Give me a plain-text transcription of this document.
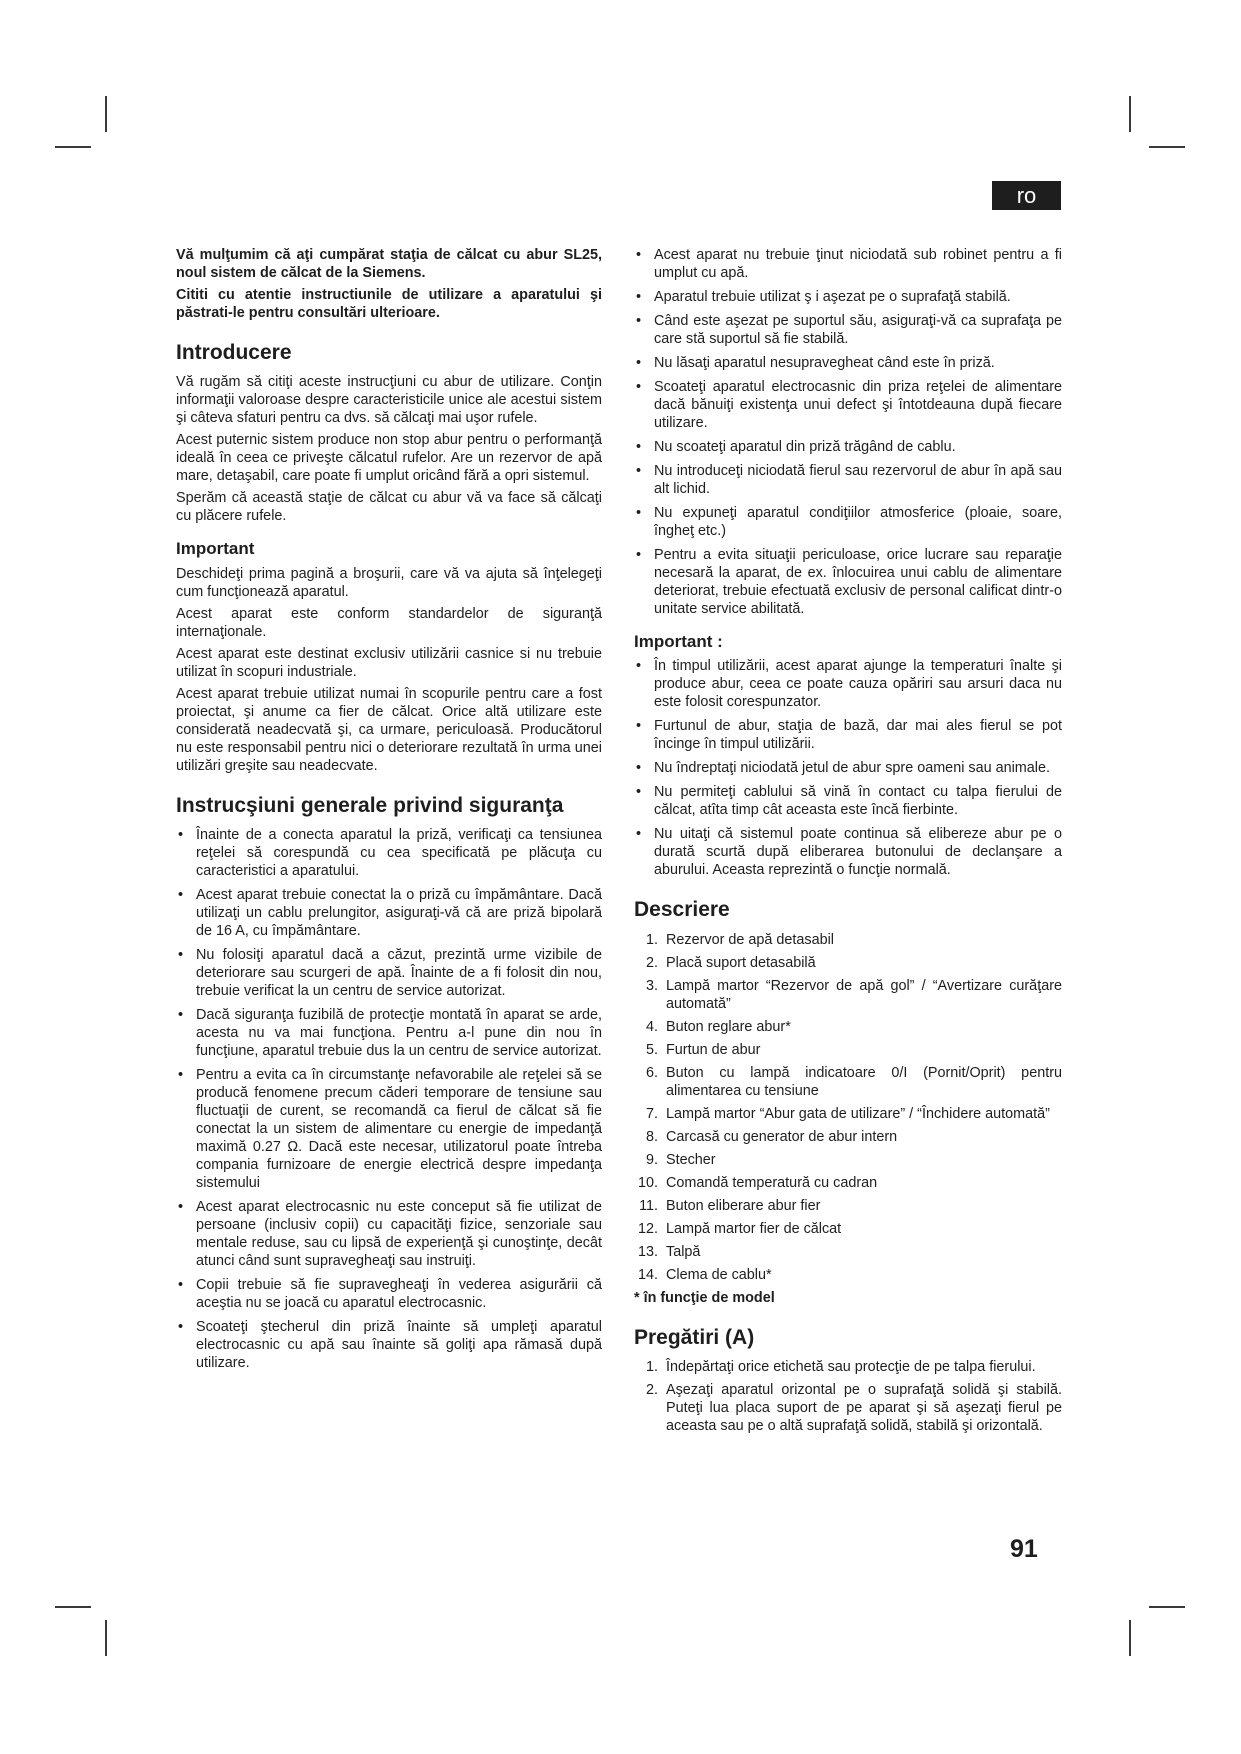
ro

Vă mulţumim că aţi cumpărat staţia de călcat cu abur SL25, noul sistem de călcat de la Siemens.

Cititi cu atentie instructiunile de utilizare a aparatului şi păstrati-le pentru consultări ulterioare.

Introducere

Vă rugăm să citiţi aceste instrucţiuni cu abur de utilizare. Conţin informaţii valoroase despre caracteristicile unice ale acestui sistem şi câteva sfaturi pentru ca dvs. să călcaţi mai uşor rufele.

Acest puternic sistem produce non stop abur pentru o performanţă ideală în ceea ce priveşte călcatul rufelor. Are un rezervor de apă mare, detaşabil, care poate fi umplut oricând fără a opri sistemul.

Sperăm că această staţie de călcat cu abur vă va face să călcaţi cu plăcere rufele.

Important

Deschideţi prima pagină a broşurii, care vă va ajuta să înţelegeţi cum funcţionează aparatul.

Acest aparat este conform standardelor de siguranţă internaţionale.

Acest aparat este destinat exclusiv utilizării casnice si nu trebuie utilizat în scopuri industriale.

Acest aparat trebuie utilizat numai în scopurile pentru care a fost proiectat, şi anume ca fier de călcat. Orice altă utilizare este considerată neadecvată şi, ca urmare, periculoasă. Producătorul nu este responsabil pentru nici o deteriorare rezultată în urma unei utilizări greşite sau neadecvate.

Instrucşiuni generale privind siguranţa
• Înainte de a conecta aparatul la priză, verificaţi ca tensiunea reţelei să corespundă cu cea specificată pe plăcuţa cu caracteristici a aparatului.
• Acest aparat trebuie conectat la o priză cu împământare. Dacă utilizaţi un cablu prelungitor, asiguraţi-vă că are priză bipolară de 16 A, cu împământare.
• Nu folosiţi aparatul dacă a căzut, prezintă urme vizibile de deteriorare sau scurgeri de apă. Înainte de a fi folosit din nou, trebuie verificat la un centru de service autorizat.
• Dacă siguranţa fuzibilă de protecţie montată în aparat se arde, acesta nu va mai funcţiona. Pentru a-l pune din nou în funcţiune, aparatul trebuie dus la un centru de service autorizat.
• Pentru a evita ca în circumstanţe nefavorabile ale reţelei să se producă fenomene precum căderi temporare de tensiune sau fluctuaţii de curent, se recomandă ca fierul de călcat să fie conectat la un sistem de alimentare cu energie de impedanţă maximă 0.27 Ω. Dacă este necesar, utilizatorul poate întreba compania furnizoare de energie electrică despre impedanţa sistemului
• Acest aparat electrocasnic nu este conceput să fie utilizat de persoane (inclusiv copii) cu capacităţi fizice, senzoriale sau mentale reduse, sau cu lipsă de experienţă şi cunoştinţe, decât atunci când sunt supravegheaţi sau instruiţi.
• Copii trebuie să fie supravegheaţi în vederea asigurării că aceştia nu se joacă cu aparatul electrocasnic.
• Scoateţi ştecherul din priză înainte să umpleţi aparatul electrocasnic cu apă sau înainte să goliţi apa rămasă după utilizare.
• Acest aparat nu trebuie ţinut niciodată sub robinet pentru a fi umplut cu apă.
• Aparatul trebuie utilizat ş i aşezat pe o suprafaţă stabilă.
• Când este aşezat pe suportul său, asiguraţi-vă ca suprafaţa pe care stă suportul să fie stabilă.
• Nu lăsaţi aparatul nesupravegheat când este în priză.
• Scoateţi aparatul electrocasnic din priza reţelei de alimentare dacă bănuiţi existenţa unui defect şi întotdeauna după fiecare utilizare.
• Nu scoateţi aparatul din priză trăgând de cablu.
• Nu introduceţi niciodată fierul sau rezervorul de abur în apă sau alt lichid.
• Nu expuneţi aparatul condiţiilor atmosferice (ploaie, soare, îngheţ etc.)
• Pentru a evita situaţii periculoase, orice lucrare sau reparaţie necesară la aparat, de ex. înlocuirea unui cablu de alimentare deteriorat, trebuie efectuată exclusiv de personal calificat dintr-o unitate service abilitată.
Important :
• În timpul utilizării, acest aparat ajunge la temperaturi înalte şi produce abur, ceea ce poate cauza opăriri sau arsuri daca nu este folosit corespunzator.
• Furtunul de abur, staţia de bază, dar mai ales fierul se pot încinge în timpul utilizării.
• Nu îndreptaţi niciodată jetul de abur spre oameni sau animale.
• Nu permiteţi cablului să vină în contact cu talpa fierului de călcat, atîta timp cât aceasta este încă fierbinte.
• Nu uitaţi că sistemul poate continua să elibereze abur pe o durată scurtă după eliberarea butonului de declanşare a aburului. Aceasta reprezintă o funcţie normală.
Descriere
1. Rezervor de apă detasabil
2. Placă suport detasabilă
3. Lampă martor “Rezervor de apă gol” / “Avertizare curăţare automată”
4. Buton reglare abur*
5. Furtun de abur
6. Buton cu lampă indicatoare 0/I (Pornit/Oprit) pentru alimentarea cu tensiune
7. Lampă martor “Abur gata de utilizare” / “Închidere automată”
8. Carcasă cu generator de abur intern
9. Stecher
10. Comandă temperatură cu cadran
11. Buton eliberare abur fier
12. Lampă martor fier de călcat
13. Talpă
14. Clema de cablu*

* în funcţie de model

Pregătiri (A)
1. Îndepărtaţi orice etichetă sau protecţie de pe talpa fierului.
2. Aşezaţi aparatul orizontal pe o suprafaţă solidă şi stabilă. Puteţi lua placa suport de pe aparat şi să aşezaţi fierul pe aceasta sau pe o altă suprafaţă solidă, stabilă şi orizontală.
91
